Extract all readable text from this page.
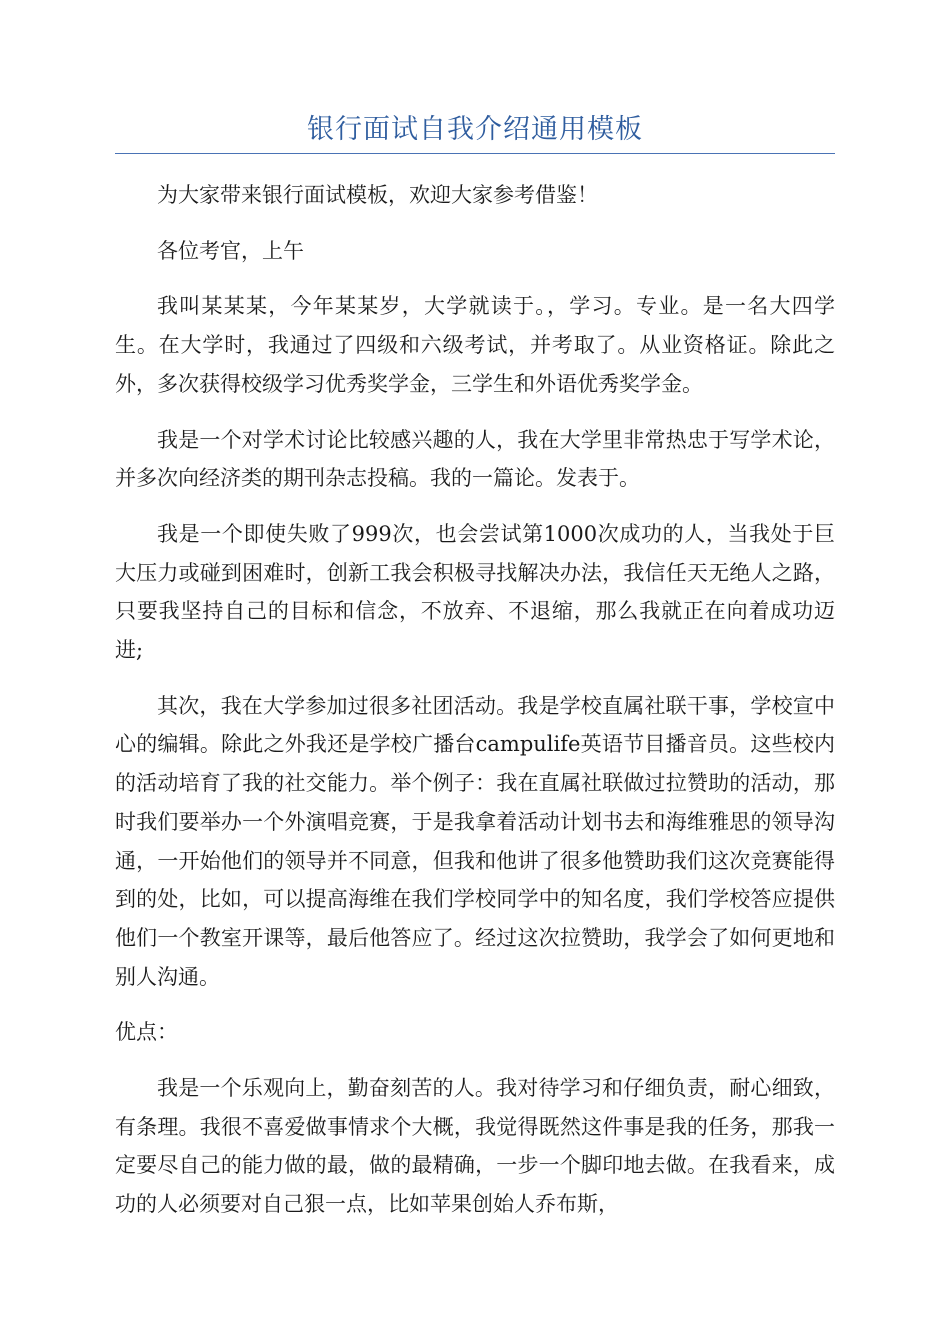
银行面试自我介绍通用模板

为大家带来银行面试模板，欢迎大家参考借鉴！

各位考官，上午

我叫某某某，今年某某岁，大学就读于。，学习。专业。是一名大四学生。在大学时，我通过了四级和六级考试，并考取了。从业资格证。除此之外，多次获得校级学习优秀奖学金，三学生和外语优秀奖学金。

我是一个对学术讨论比较感兴趣的人，我在大学里非常热忠于写学术论，并多次向经济类的期刊杂志投稿。我的一篇论。发表于。

我是一个即使失败了999次，也会尝试第1000次成功的人，当我处于巨大压力或碰到困难时，创新工我会积极寻找解决办法，我信任天无绝人之路，只要我坚持自己的目标和信念，不放弃、不退缩，那么我就正在向着成功迈进;

其次，我在大学参加过很多社团活动。我是学校直属社联干事，学校宣中心的编辑。除此之外我还是学校广播台campulife英语节目播音员。这些校内的活动培育了我的社交能力。举个例子：我在直属社联做过拉赞助的活动，那时我们要举办一个外演唱竞赛，于是我拿着活动计划书去和海维雅思的领导沟通，一开始他们的领导并不同意，但我和他讲了很多他赞助我们这次竞赛能得到的处，比如，可以提高海维在我们学校同学中的知名度，我们学校答应提供他们一个教室开课等，最后他答应了。经过这次拉赞助，我学会了如何更地和别人沟通。

优点：

我是一个乐观向上，勤奋刻苦的人。我对待学习和仔细负责，耐心细致，有条理。我很不喜爱做事情求个大概，我觉得既然这件事是我的任务，那我一定要尽自己的能力做的最，做的最精确，一步一个脚印地去做。在我看来，成功的人必须要对自己狠一点，比如苹果创始人乔布斯，
